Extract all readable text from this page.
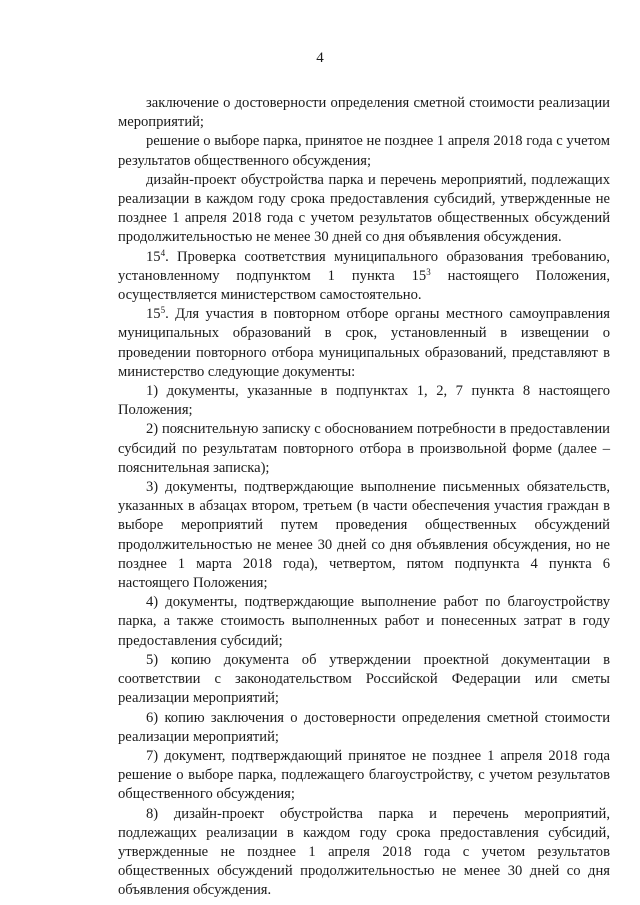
4

заключение о достоверности определения сметной стоимости реализации мероприятий;

решение о выборе парка, принятое не позднее 1 апреля 2018 года с учетом результатов общественного обсуждения;

дизайн-проект обустройства парка и перечень мероприятий, подлежащих реализации в каждом году срока предоставления субсидий, утвержденные не позднее 1 апреля 2018 года с учетом результатов общественных обсуждений продолжительностью не менее 30 дней со дня объявления обсуждения.

$15^4$. Проверка соответствия муниципального образования требованию, установленному подпунктом 1 пункта $15^3$ настоящего Положения, осуществляется министерством самостоятельно.

$15^5$. Для участия в повторном отборе органы местного самоуправления муниципальных образований в срок, установленный в извещении о проведении повторного отбора муниципальных образований, представляют в министерство следующие документы:

1) документы, указанные в подпунктах 1, 2, 7 пункта 8 настоящего Положения;

2) пояснительную записку с обоснованием потребности в предоставлении субсидий по результатам повторного отбора в произвольной форме (далее – пояснительная записка);

3) документы, подтверждающие выполнение письменных обязательств, указанных в абзацах втором, третьем (в части обеспечения участия граждан в выборе мероприятий путем проведения общественных обсуждений продолжительностью не менее 30 дней со дня объявления обсуждения, но не позднее 1 марта 2018 года), четвертом, пятом подпункта 4 пункта 6 настоящего Положения;

4) документы, подтверждающие выполнение работ по благоустройству парка, а также стоимость выполненных работ и понесенных затрат в году предоставления субсидий;

5) копию документа об утверждении проектной документации в соответствии с законодательством Российской Федерации или сметы реализации мероприятий;

6) копию заключения о достоверности определения сметной стоимости реализации мероприятий;

7) документ, подтверждающий принятое не позднее 1 апреля 2018 года решение о выборе парка, подлежащего благоустройству, с учетом результатов общественного обсуждения;

8) дизайн-проект обустройства парка и перечень мероприятий, подлежащих реализации в каждом году срока предоставления субсидий, утвержденные не позднее 1 апреля 2018 года с учетом результатов общественных обсуждений продолжительностью не менее 30 дней со дня объявления обсуждения.
